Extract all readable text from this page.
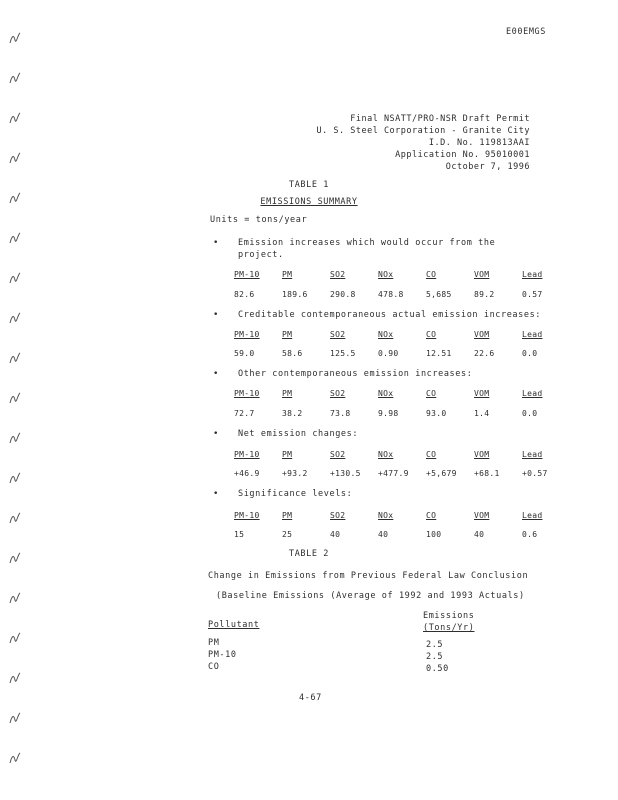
E00EMGS
Final NSATT/PRO-NSR Draft Permit
U. S. Steel Corporation - Granite City
I.D. No. 119813AAI
Application No. 95010001
October 7, 1996
TABLE 1
EMISSIONS SUMMARY
Units = tons/year
• Emission increases which would occur from the
project.
PM-10	PM	SO2	NOx	CO	VOM	Lead
82.6	189.6	290.8	478.8	5,685	89.2	0.57
• Creditable contemporaneous actual emission increases:
PM-10	PM	SO2	NOx	CO	VOM	Lead
59.0	58.6	125.5	0.90	12.51	22.6	0.0
• Other contemporaneous emission increases:
PM-10	PM	SO2	NOx	CO	VOM	Lead
72.7	38.2	73.8	9.98	93.0	1.4	0.0
• Net emission changes:
PM-10	PM	SO2	NOx	CO	VOM	Lead
+46.9	+93.2	+130.5	+477.9	+5,679	+68.1	+0.57
• Significance levels:
PM-10	PM	SO2	NOx	CO	VOM	Lead
15	25	40	40	100	40	0.6
TABLE 2
Change in Emissions from Previous Federal Law Conclusion
(Baseline Emissions (Average of 1992 and 1993 Actuals)
Pollutant
Emissions
(Tons/Yr)
PM	2.5
PM-10	2.5
CO	0.50
4-67
